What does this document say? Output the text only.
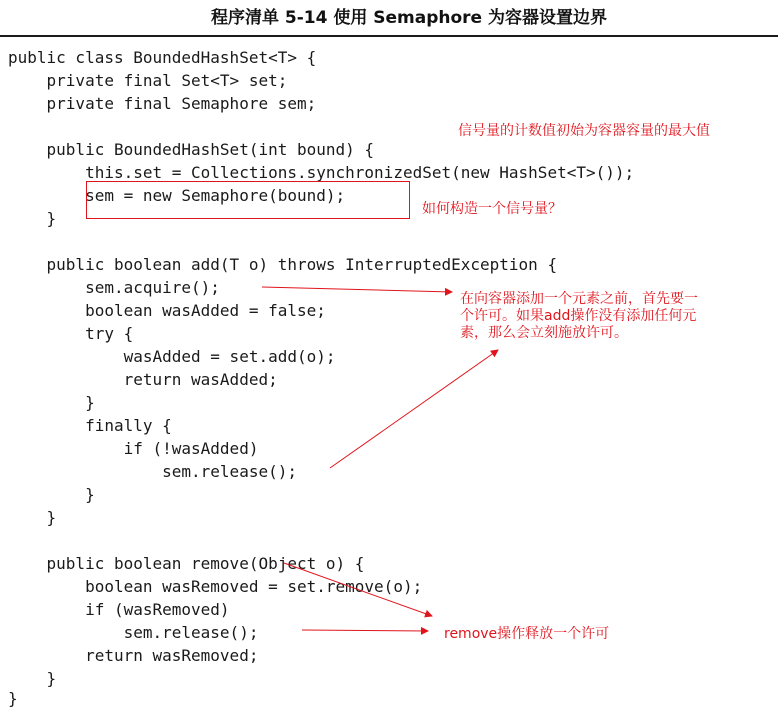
程序清单 5-14 使用 Semaphore 为容器设置边界
public class BoundedHashSet<T> {
private final Set<T> set;
private final Semaphore sem;
public BoundedHashSet(int bound) {
this.set = Collections.synchronizedSet(new HashSet<T>());
sem = new Semaphore(bound);
}
public boolean add(T o) throws InterruptedException {
sem.acquire();
boolean wasAdded = false;
try {
wasAdded = set.add(o);
return wasAdded;
}
finally {
if (!wasAdded)
sem.release();
}
}
public boolean remove(Object o) {
boolean wasRemoved = set.remove(o);
if (wasRemoved)
sem.release();
return wasRemoved;
}
}
信号量的计数值初始为容器容量的最大值
如何构造一个信号量？
在向容器添加一个元素之前，首先要一
个许可。如果add操作没有添加任何元
素，那么会立刻施放许可。
remove操作释放一个许可
